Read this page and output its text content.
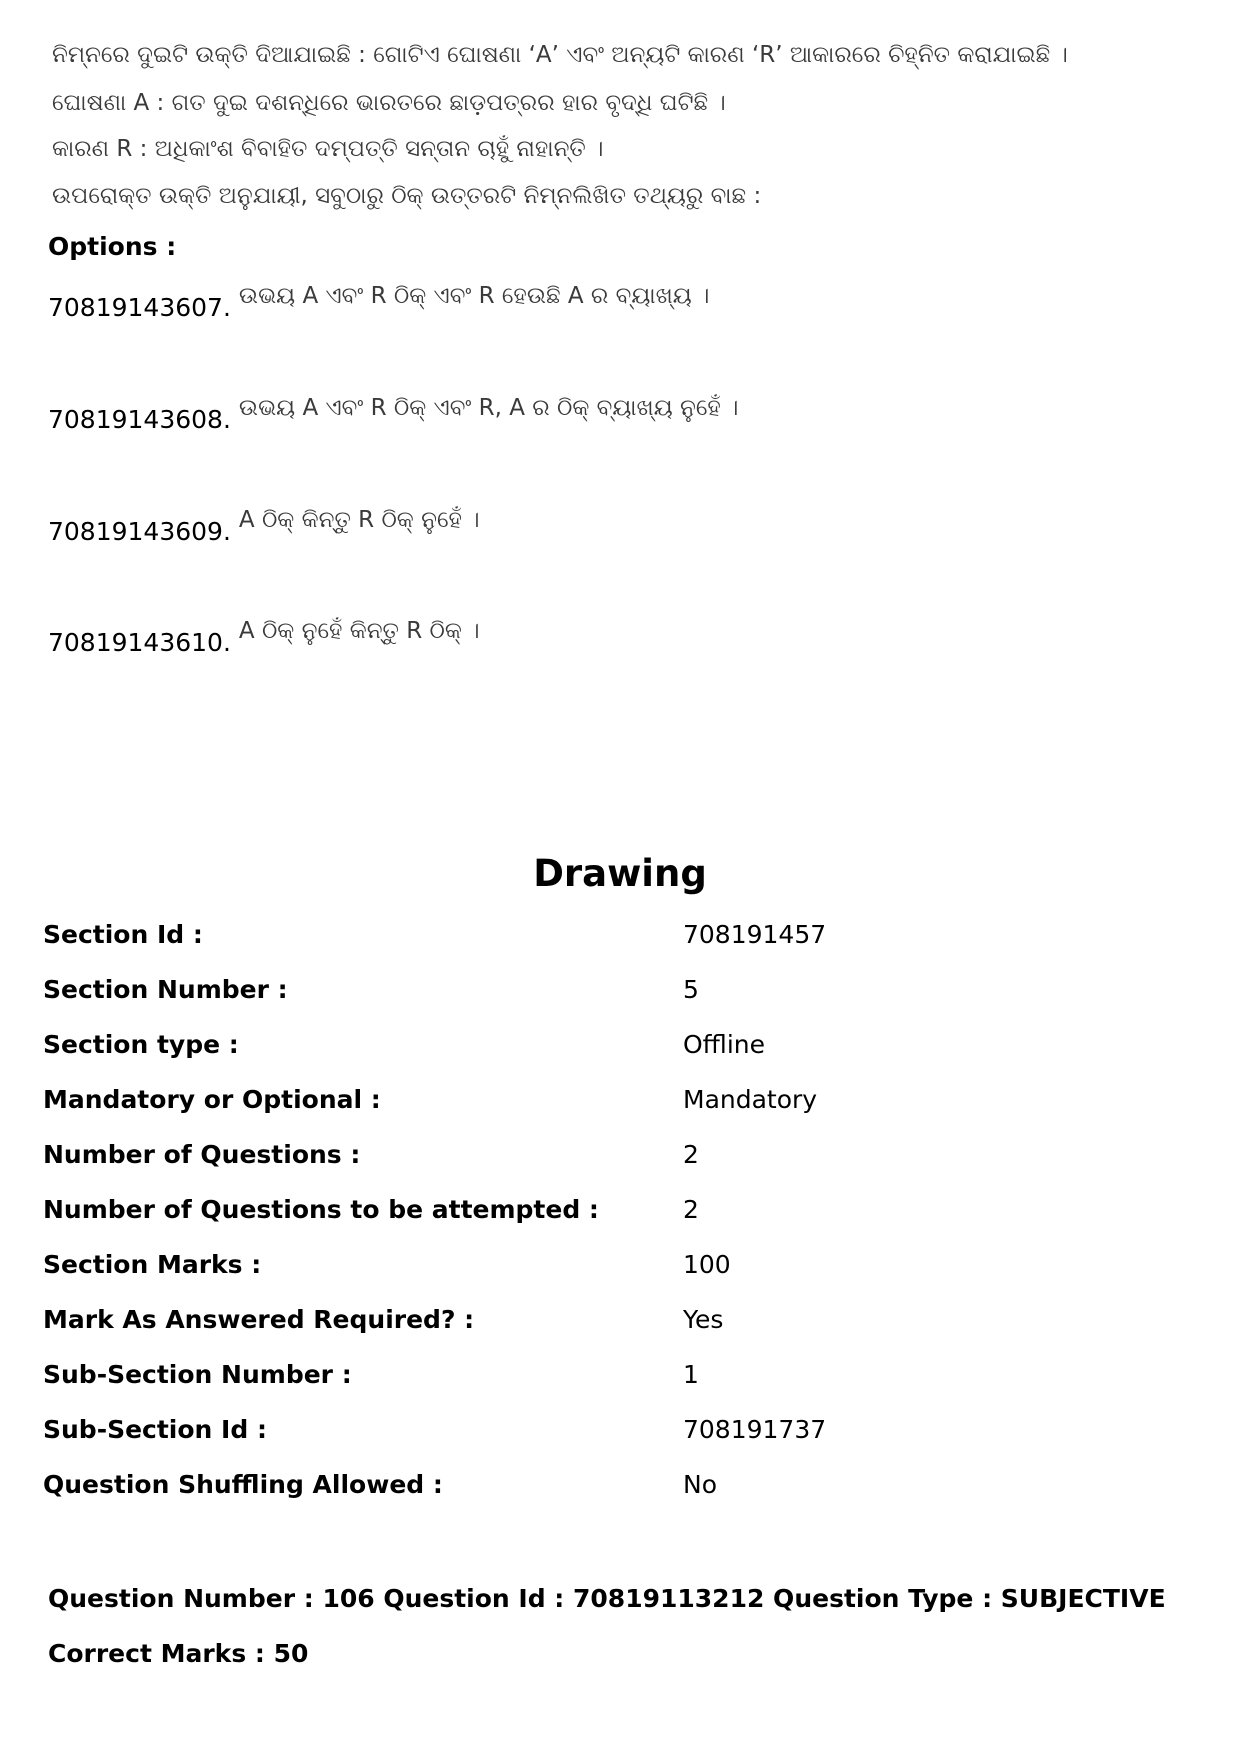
ନିମ୍ନରେ ଦୁଇଟି ଉକ୍ତି ଦିଆଯାଇଛି : ଗୋଟିଏ ଘୋଷଣା ‘A’ ଏବଂ ଅନ୍ୟଟି କାରଣ ‘R’ ଆକାରରେ ଚିହ୍ନିତ କରାଯାଇଛି ।
ଘୋଷଣା A : ଗତ ଦୁଇ ଦଶନ୍ଧିରେ ଭାରତରେ ଛାଡ଼ପତ୍ରର ହାର ବୃଦ୍ଧି ଘଟିଛି ।
କାରଣ R : ଅଧିକାଂଶ ବିବାହିତ ଦମ୍ପତ୍ତି ସନ୍ତାନ ଚାହୁଁ ନାହାନ୍ତି ।
ଉପରୋକ୍ତ ଉକ୍ତି ଅନୁଯାୟୀ, ସବୁଠାରୁ ଠିକ୍ ଉତ୍ତରଟି ନିମ୍ନଲିଖିତ ତଥ୍ୟରୁ ବାଛ :
Options :
70819143607. ଉଭୟ A ଏବଂ R ଠିକ୍ ଏବଂ R ହେଉଛି A ର ବ୍ୟାଖ୍ୟ ।
70819143608. ଉଭୟ A ଏବଂ R ଠିକ୍ ଏବଂ R, A ର ଠିକ୍ ବ୍ୟାଖ୍ୟ ନୁହେଁ ।
70819143609. A ଠିକ୍ କିନ୍ତୁ R ଠିକ୍ ନୁହେଁ ।
70819143610. A ଠିକ୍ ନୁହେଁ କିନ୍ତୁ R ଠିକ୍ ।
Drawing
Section Id :	708191457
Section Number :	5
Section type :	Offline
Mandatory or Optional :	Mandatory
Number of Questions :	2
Number of Questions to be attempted :	2
Section Marks :	100
Mark As Answered Required? :	Yes
Sub-Section Number :	1
Sub-Section Id :	708191737
Question Shuffling Allowed :	No
Question Number : 106 Question Id : 70819113212 Question Type : SUBJECTIVE
Correct Marks : 50
